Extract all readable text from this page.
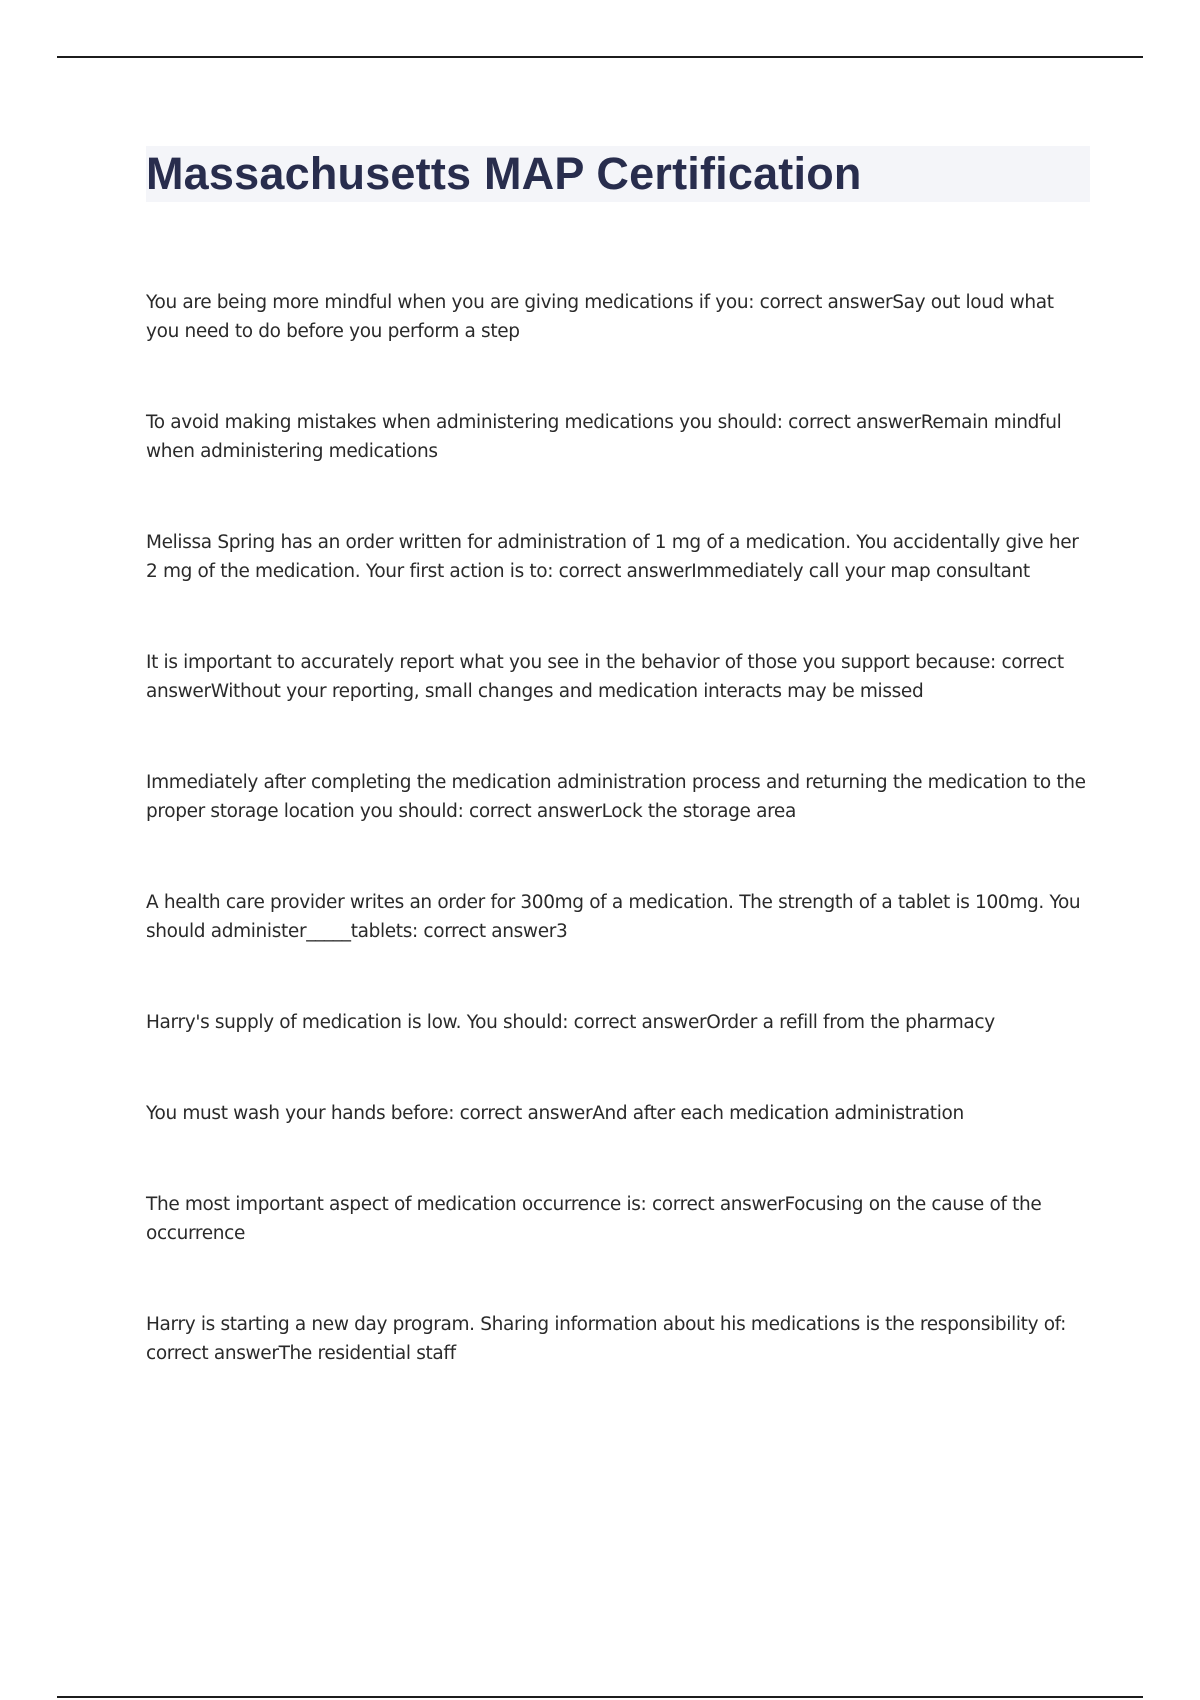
Massachusetts MAP Certification

You are being more mindful when you are giving medications if you: correct answerSay out loud what you need to do before you perform a step

To avoid making mistakes when administering medications you should: correct answerRemain mindful when administering medications

Melissa Spring has an order written for administration of 1 mg of a medication. You accidentally give her 2 mg of the medication. Your first action is to: correct answerImmediately call your map consultant

It is important to accurately report what you see in the behavior of those you support because: correct answerWithout your reporting, small changes and medication interacts may be missed

Immediately after completing the medication administration process and returning the medication to the proper storage location you should: correct answerLock the storage area

A health care provider writes an order for 300mg of a medication. The strength of a tablet is 100mg. You should administer_____tablets: correct answer3

Harry's supply of medication is low. You should: correct answerOrder a refill from the pharmacy

You must wash your hands before: correct answerAnd after each medication administration

The most important aspect of medication occurrence is: correct answerFocusing on the cause of the occurrence

Harry is starting a new day program. Sharing information about his medications is the responsibility of: correct answerThe residential staff
